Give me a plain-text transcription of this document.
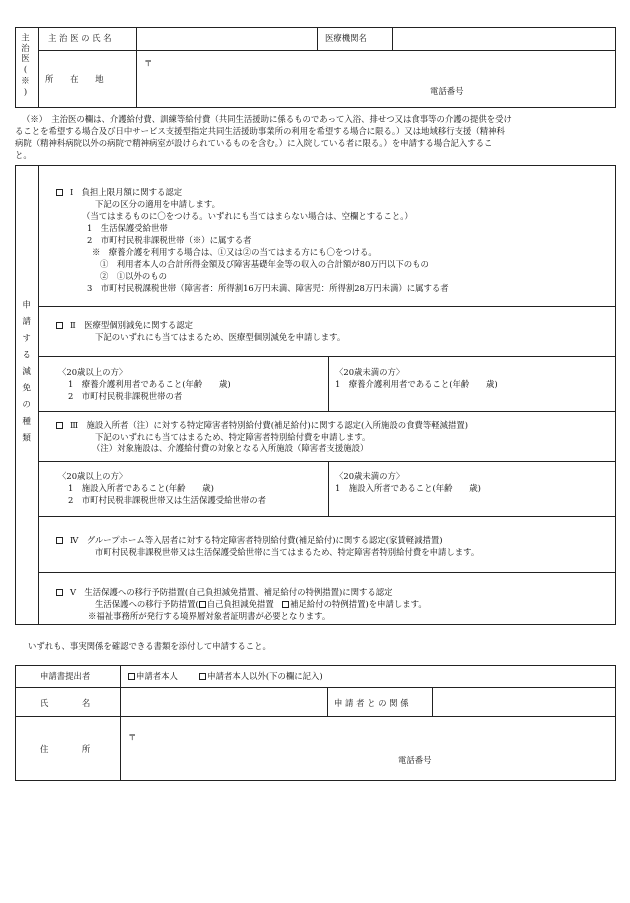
主治医(※) 主 治 医 の 氏 名	医療機関名
所　　在　　地
〒
電話番号
（※）　主治医の欄は、介護給付費、訓練等給付費（共同生活援助に係るものであって入浴、排せつ又は食事等の介護の提供を受け
ることを希望する場合及び日中サービス支援型指定共同生活援助事業所の利用を希望する場合に限る。）又は地域移行支援（精神科
病院（精神科病院以外の病院で精神病室が設けられているものを含む。）に入院している者に限る。）を申請する場合記入するこ
と。
申請する減免の種類
Ⅰ　負担上限月額に関する認定
下記の区分の適用を申請します。
（当てはまるものに〇をつける。いずれにも当てはまらない場合は、空欄とすること。）
1　生活保護受給世帯
2　市町村民税非課税世帯（※）に属する者
※　療養介護を利用する場合は、①又は②の当てはまる方にも〇をつける。
①　利用者本人の合計所得金額及び障害基礎年金等の収入の合計額が80万円以下のもの
②　①以外のもの
3　市町村民税課税世帯（障害者：所得割16万円未満、障害児：所得割28万円未満）に属する者
Ⅱ　医療型個別減免に関する認定
下記のいずれにも当てはまるため、医療型個別減免を申請します。
〈20歳以上の方〉
1　療養介護利用者であること(年齢　　歳)
2　市町村民税非課税世帯の者
〈20歳未満の方〉
1　療養介護利用者であること(年齢　　歳)
Ⅲ　施設入所者（注）に対する特定障害者特別給付費(補足給付)に関する認定(入所施設の食費等軽減措置)
下記のいずれにも当てはまるため、特定障害者特別給付費を申請します。
（注）対象施設は、介護給付費の対象となる入所施設（障害者支援施設）
〈20歳以上の方〉
1　施設入所者であること(年齢　　歳)
2　市町村民税非課税世帯又は生活保護受給世帯の者
〈20歳未満の方〉
1　施設入所者であること(年齢　　歳)
Ⅳ　グループホーム等入居者に対する特定障害者特別給付費(補足給付)に関する認定(家賃軽減措置)
市町村民税非課税世帯又は生活保護受給世帯に当てはまるため、特定障害者特別給付費を申請します。
Ⅴ　生活保護への移行予防措置(自己負担減免措置、補足給付の特例措置)に関する認定
生活保護への移行予防措置( 自己負担減免措置　補足給付の特例措置)を申請します。
※福祉事務所が発行する境界層対象者証明書が必要となります。
いずれも、事実関係を確認できる書類を添付して申請すること。
申請書提出者	申請者本人	申請者本人以外(下の欄に記入)
氏　　　　名	申 請 者 と の 関 係
住　　　　所
〒
電話番号
